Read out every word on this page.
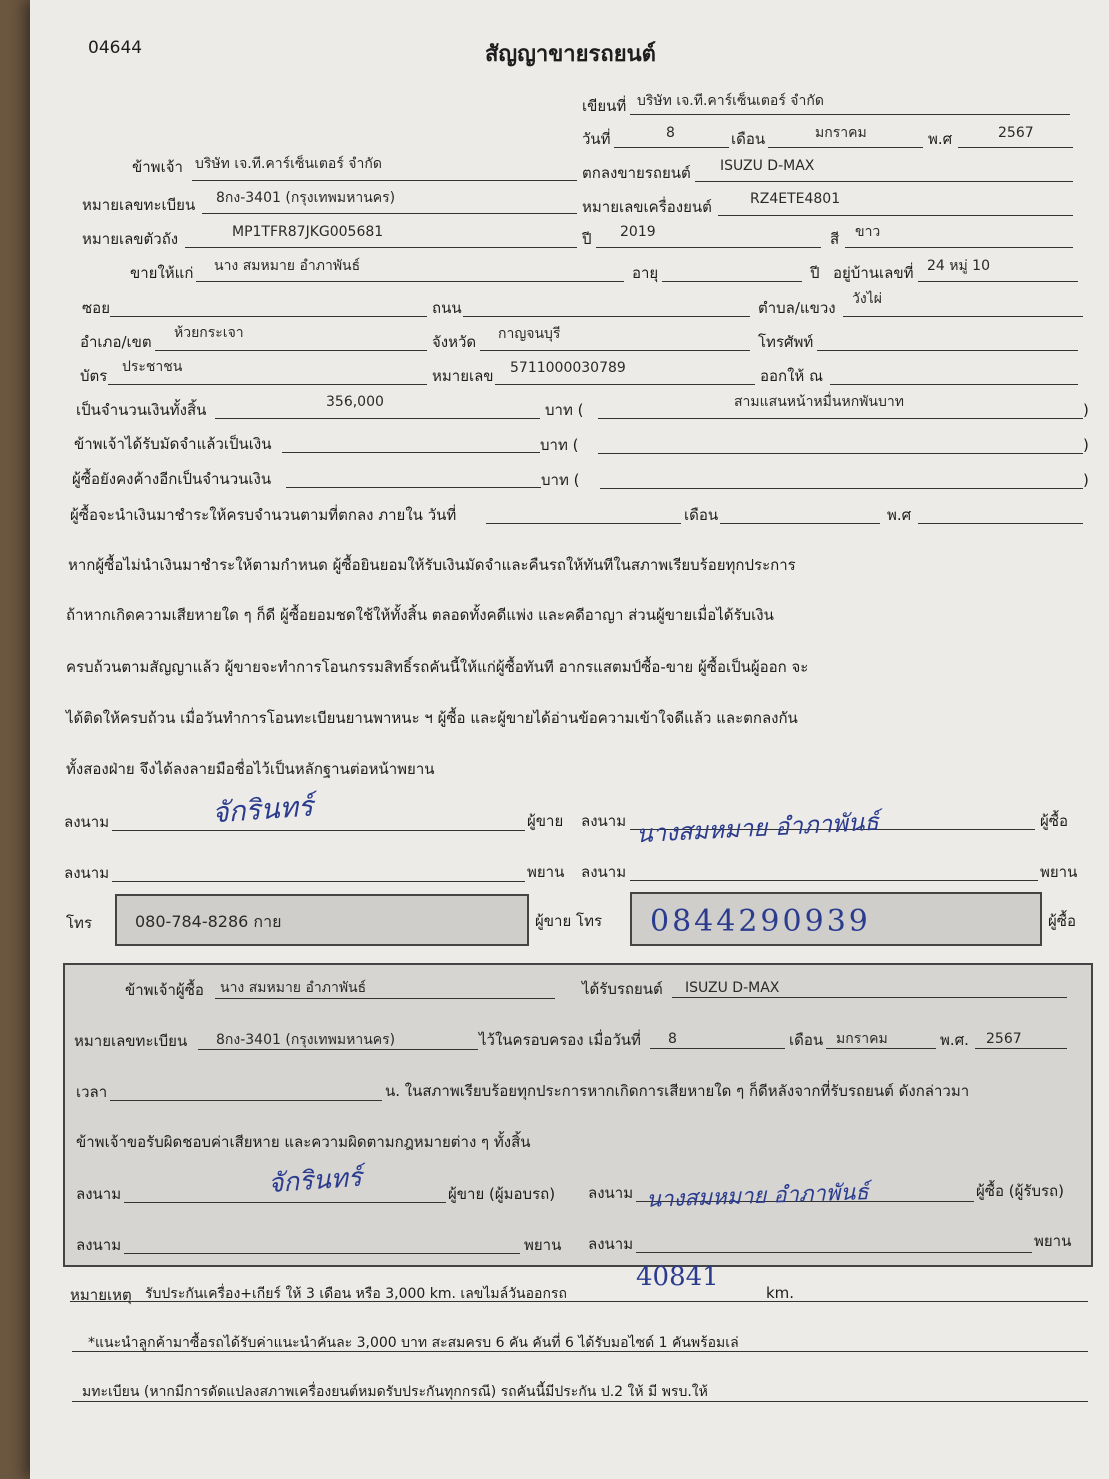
04644	สัญญาขายรถยนต์
เขียนที่ บริษัท เจ.ที.คาร์เซ็นเตอร์ จำกัด
วันที่	8	เดือน	มกราคม	พ.ศ	2567
ข้าพเจ้า บริษัท เจ.ที.คาร์เซ็นเตอร์ จำกัด	ตกลงขายรถยนต์ ISUZU D-MAX
หมายเลขทะเบียน 8กง-3401 (กรุงเทพมหานคร)	หมายเลขเครื่องยนต์	RZ4ETE4801
หมายเลขตัวถัง	MP1TFR87JKG005681	ปี 2019	สี ขาว
ขายให้แก่ นาง สมหมาย อำภาพันธ์	อายุ	ปี อยู่บ้านเลขที่ 24 หมู่ 10
ซอย	ถนน	ตำบล/แขวง วังไผ่
อำเภอ/เขต ห้วยกระเจา	จังหวัด กาญจนบุรี	โทรศัพท์
บัตร ประชาชน	หมายเลข 5711000030789	ออกให้ ณ
เป็นจำนวนเงินทั้งสิ้น	356,000	บาท (	สามแสนหน้าหมื่นหกพันบาท	)
ข้าพเจ้าได้รับมัดจำแล้วเป็นเงิน	บาท (	)
ผู้ซื้อยังคงค้างอีกเป็นจำนวนเงิน	บาท (	)
ผู้ซื้อจะนำเงินมาชำระให้ครบจำนวนตามที่ตกลง ภายใน วันที่	เดือน	พ.ศ
หากผู้ซื้อไม่นำเงินมาชำระให้ตามกำหนด ผู้ซื้อยินยอมให้รับเงินมัดจำและคืนรถให้ทันทีในสภาพเรียบร้อยทุกประการ
ถ้าหากเกิดความเสียหายใด ๆ ก็ดี ผู้ซื้อยอมชดใช้ให้ทั้งสิ้น ตลอดทั้งคดีแพ่ง และคดีอาญา ส่วนผู้ขายเมื่อได้รับเงิน
ครบถ้วนตามสัญญาแล้ว ผู้ขายจะทำการโอนกรรมสิทธิ์รถคันนี้ให้แก่ผู้ซื้อทันที อากรแสตมป์ซื้อ-ขาย ผู้ซื้อเป็นผู้ออก จะ
ได้ติดให้ครบถ้วน เมื่อวันทำการโอนทะเบียนยานพาหนะ ฯ ผู้ซื้อ และผู้ขายได้อ่านข้อความเข้าใจดีแล้ว และตกลงกัน
ทั้งสองฝ่าย จึงได้ลงลายมือชื่อไว้เป็นหลักฐานต่อหน้าพยาน
ลงนาม	จักรินทร์	ผู้ขาย ลงนาม นางสมหมาย อำภาพันธ์	ผู้ซื้อ
ลงนาม	พยาน ลงนาม	พยาน
โทร	080-784-8286 กาย	ผู้ขาย โทร 0844290939	ผู้ซื้อ
ข้าพเจ้าผู้ซื้อ นาง สมหมาย อำภาพันธ์	ได้รับรถยนต์ ISUZU D-MAX
หมายเลขทะเบียน 8กง-3401 (กรุงเทพมหานคร)	ไว้ในครอบครอง เมื่อวันที่ 8	เดือน มกราคม	พ.ศ. 2567
เวลา	น. ในสภาพเรียบร้อยทุกประการหากเกิดการเสียหายใด ๆ ก็ดีหลังจากที่รับรถยนต์ ดังกล่าวมา
ข้าพเจ้าขอรับผิดชอบค่าเสียหาย และความผิดตามกฎหมายต่าง ๆ ทั้งสิ้น
ลงนาม	จักรินทร์	ผู้ขาย (ผู้มอบรถ) ลงนาม นางสมหมาย อำภาพันธ์	ผู้ซื้อ (ผู้รับรถ)
ลงนาม	พยาน ลงนาม	พยาน
หมายเหตุ รับประกันเครื่อง+เกียร์ ให้ 3 เดือน หรือ 3,000 km. เลขไมล์วันออกรถ
40841
km.
*แนะนำลูกค้ามาซื้อรถได้รับค่าแนะนำคันละ 3,000 บาท สะสมครบ 6 คัน คันที่ 6 ได้รับมอไซด์ 1 คันพร้อมเล่
มทะเบียน (หากมีการดัดแปลงสภาพเครื่องยนต์หมดรับประกันทุกกรณี) รถคันนี้มีประกัน ป.2 ให้ มี พรบ.ให้
